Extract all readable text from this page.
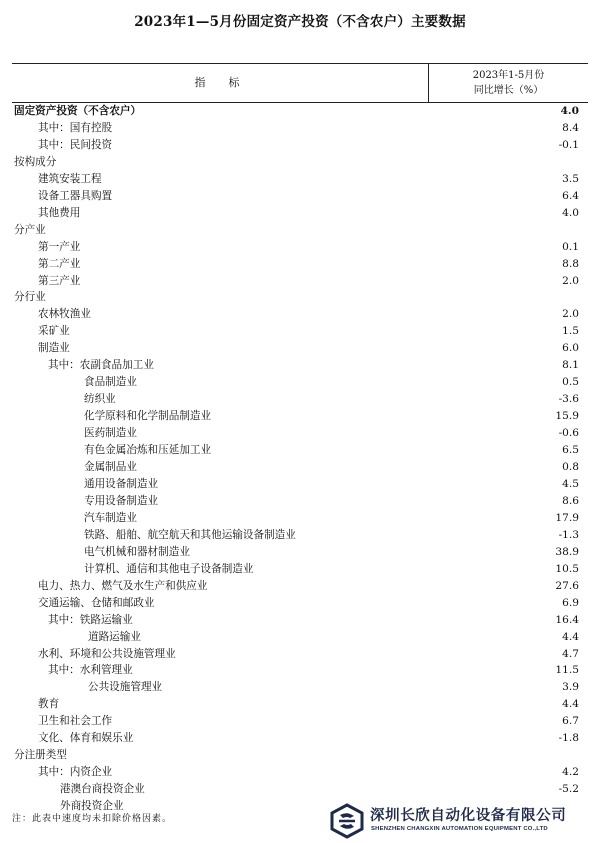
2023年1—5月份固定资产投资（不含农户）主要数据
指　标
2023年1-5月份
同比增长（%）
固定资产投资（不含农户）	4.0
其中：国有控股	8.4
其中：民间投资	-0.1
按构成分
建筑安装工程	3.5
设备工器具购置	6.4
其他费用	4.0
分产业
第一产业	0.1
第二产业	8.8
第三产业	2.0
分行业
农林牧渔业	2.0
采矿业	1.5
制造业	6.0
其中：农副食品加工业	8.1
食品制造业	0.5
纺织业	-3.6
化学原料和化学制品制造业	15.9
医药制造业	-0.6
有色金属冶炼和压延加工业	6.5
金属制品业	0.8
通用设备制造业	4.5
专用设备制造业	8.6
汽车制造业	17.9
铁路、船舶、航空航天和其他运输设备制造业	-1.3
电气机械和器材制造业	38.9
计算机、通信和其他电子设备制造业	10.5
电力、热力、燃气及水生产和供应业	27.6
交通运输、仓储和邮政业	6.9
其中：铁路运输业	16.4
道路运输业	4.4
水利、环境和公共设施管理业	4.7
其中：水利管理业	11.5
公共设施管理业	3.9
教育	4.4
卫生和社会工作	6.7
文化、体育和娱乐业	-1.8
分注册类型
其中：内资企业	4.2
港澳台商投资企业	-5.2
外商投资企业
注：此表中速度均未扣除价格因素。	深圳长欣自动化设备有限公司
SHENZHEN CHANGXIN AUTOMATION EQUIPMENT CO.,LTD
